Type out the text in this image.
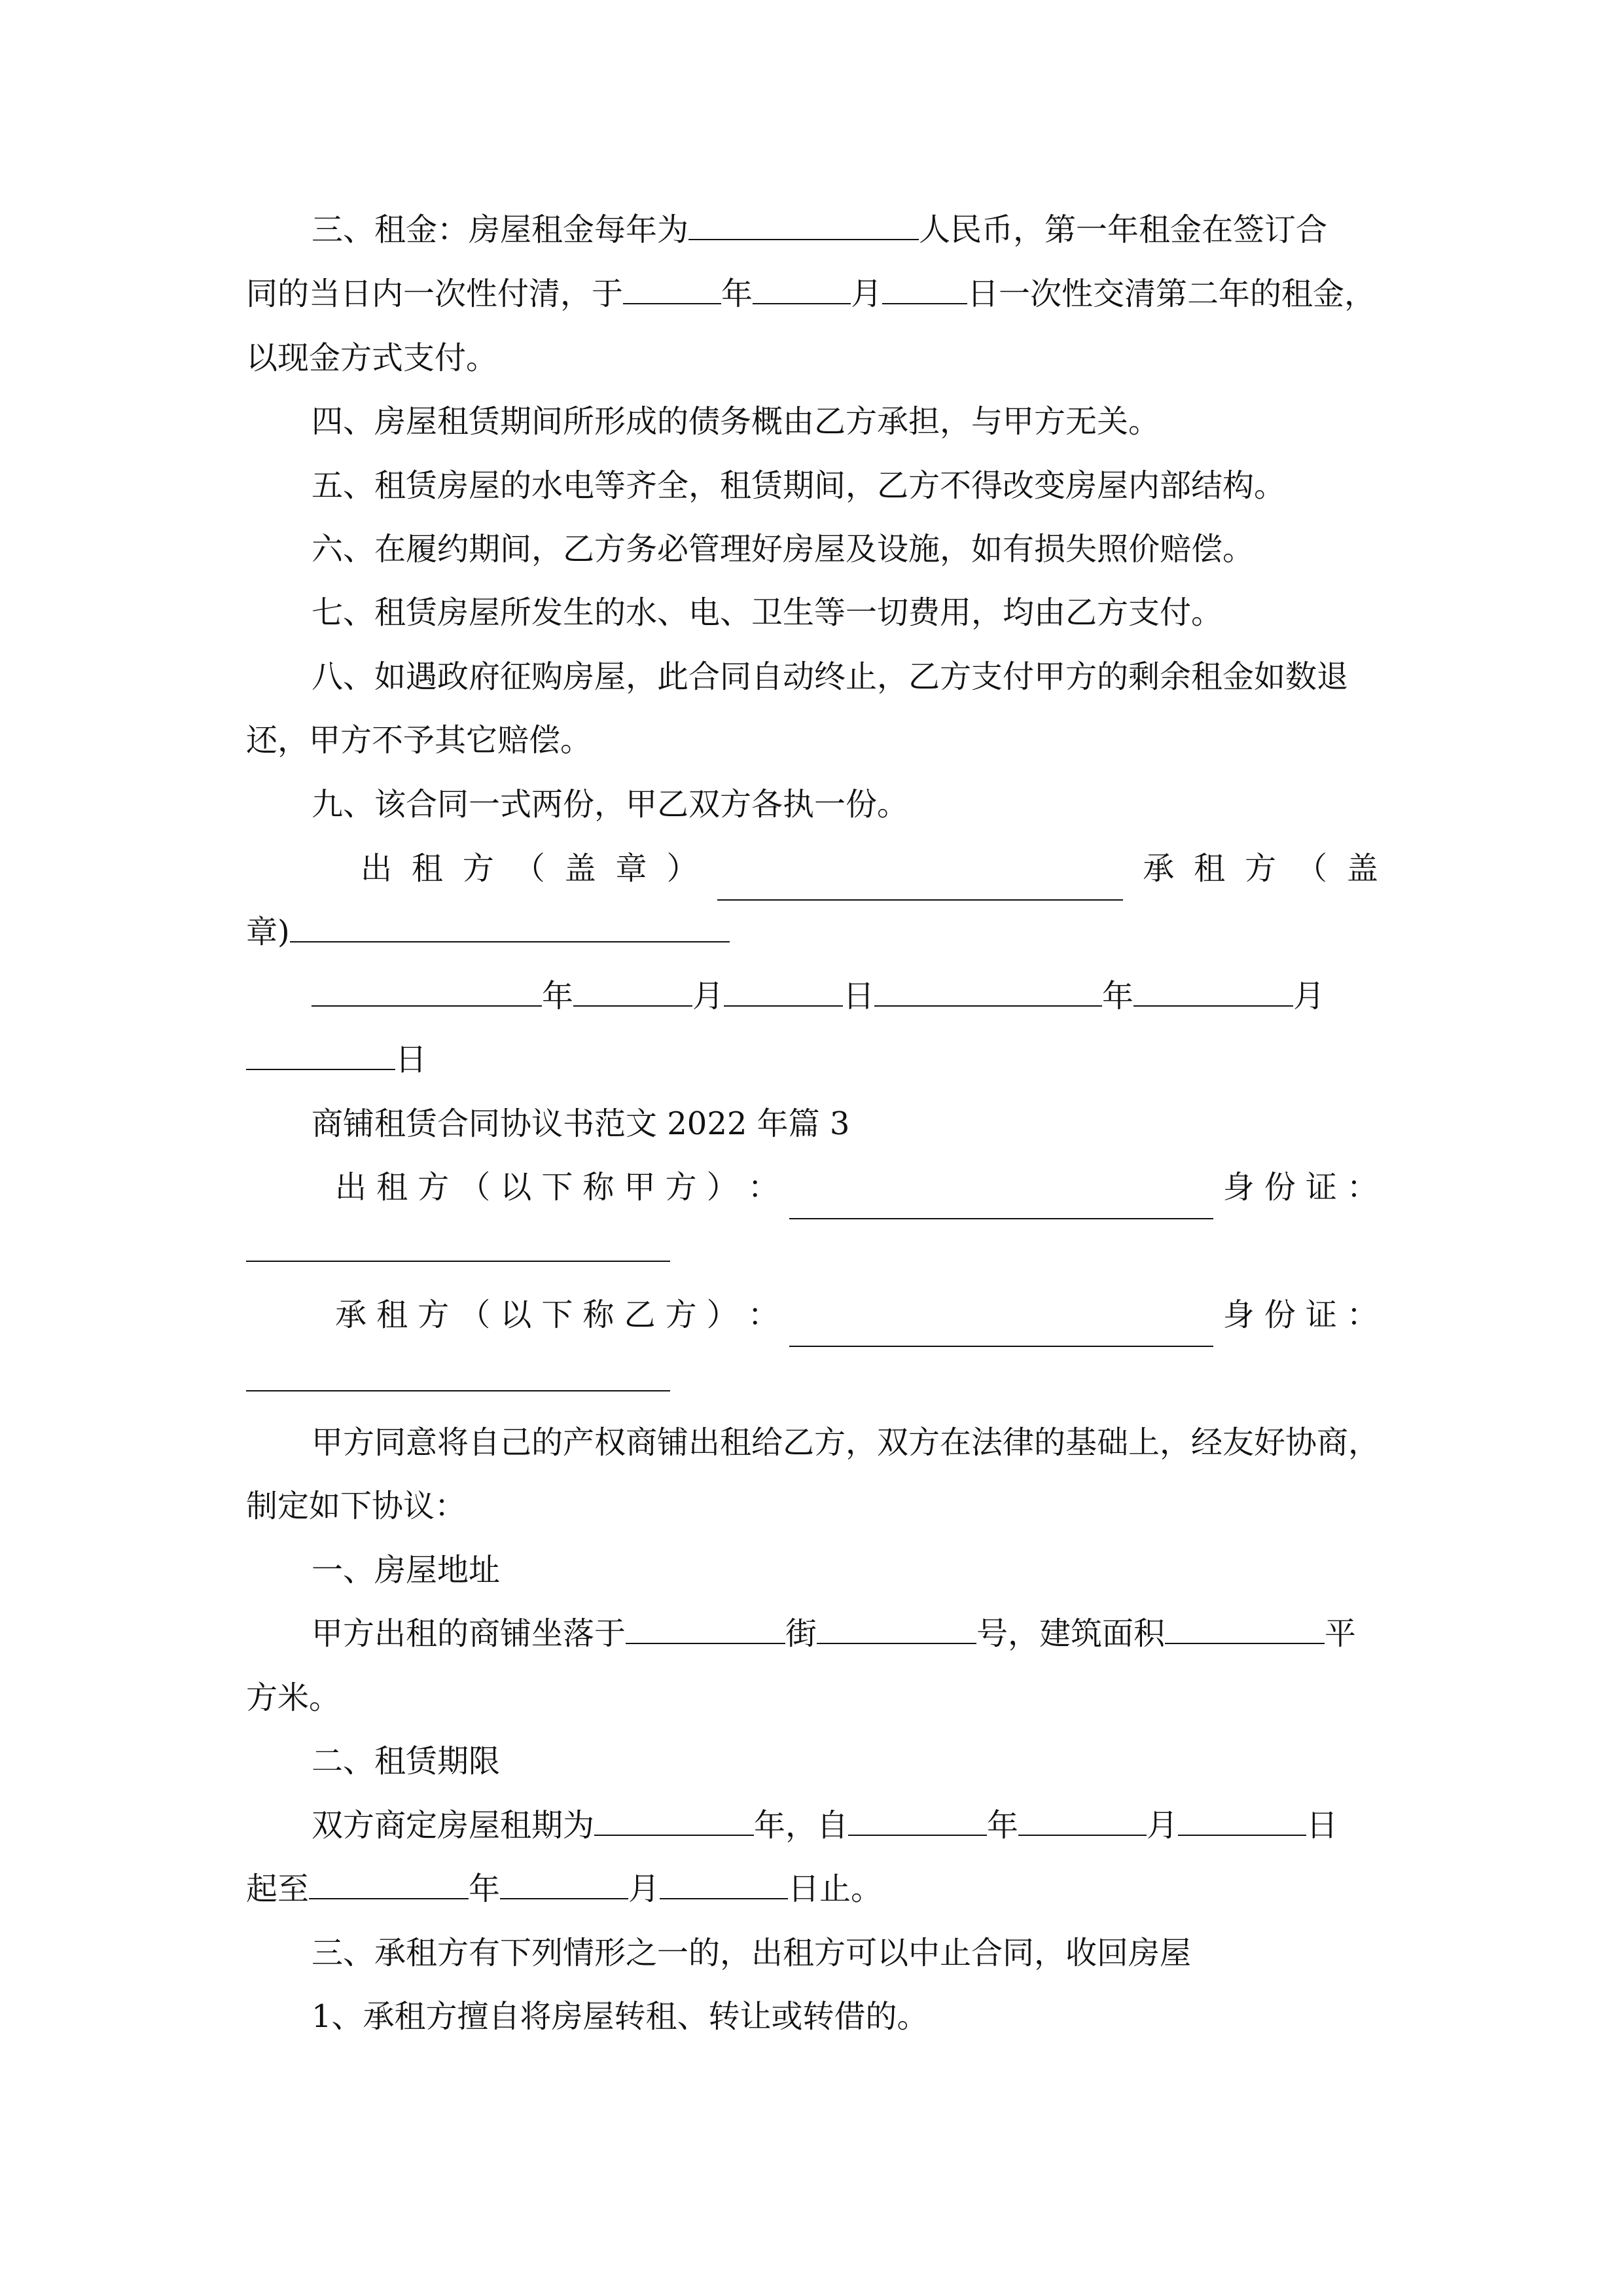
三、租金：房屋租金每年为	人民币，第一年租金在签订合
同的当日内一次性付清，于	年	月	日一次性交清第二年的租金，
以现金方式支付。
四、房屋租赁期间所形成的债务概由乙方承担，与甲方无关。
五、租赁房屋的水电等齐全，租赁期间，乙方不得改变房屋内部结构。
六、在履约期间，乙方务必管理好房屋及设施，如有损失照价赔偿。
七、租赁房屋所发生的水、电、卫生等一切费用，均由乙方支付。
八、如遇政府征购房屋，此合同自动终止，乙方支付甲方的剩余租金如数退
还，甲方不予其它赔偿。
九、该合同一式两份，甲乙双方各执一份。
出 租 方 （ 盖 章 ）	承 租 方 （ 盖
章)
年	月	日	年	月
日
商铺租赁合同协议书范文 2022 年篇 3
出 租 方 （ 以 下 称 甲 方 ） ：	身 份 证 ：
承 租 方 （ 以 下 称 乙 方 ） ：	身 份 证 ：
甲方同意将自己的产权商铺出租给乙方，双方在法律的基础上，经友好协商，
制定如下协议：
一、房屋地址
甲方出租的商铺坐落于	街	号，建筑面积	平
方米。
二、租赁期限
双方商定房屋租期为	年，自	年	月	日
起至	年	月	日止。
三、承租方有下列情形之一的，出租方可以中止合同，收回房屋
1、承租方擅自将房屋转租、转让或转借的。
